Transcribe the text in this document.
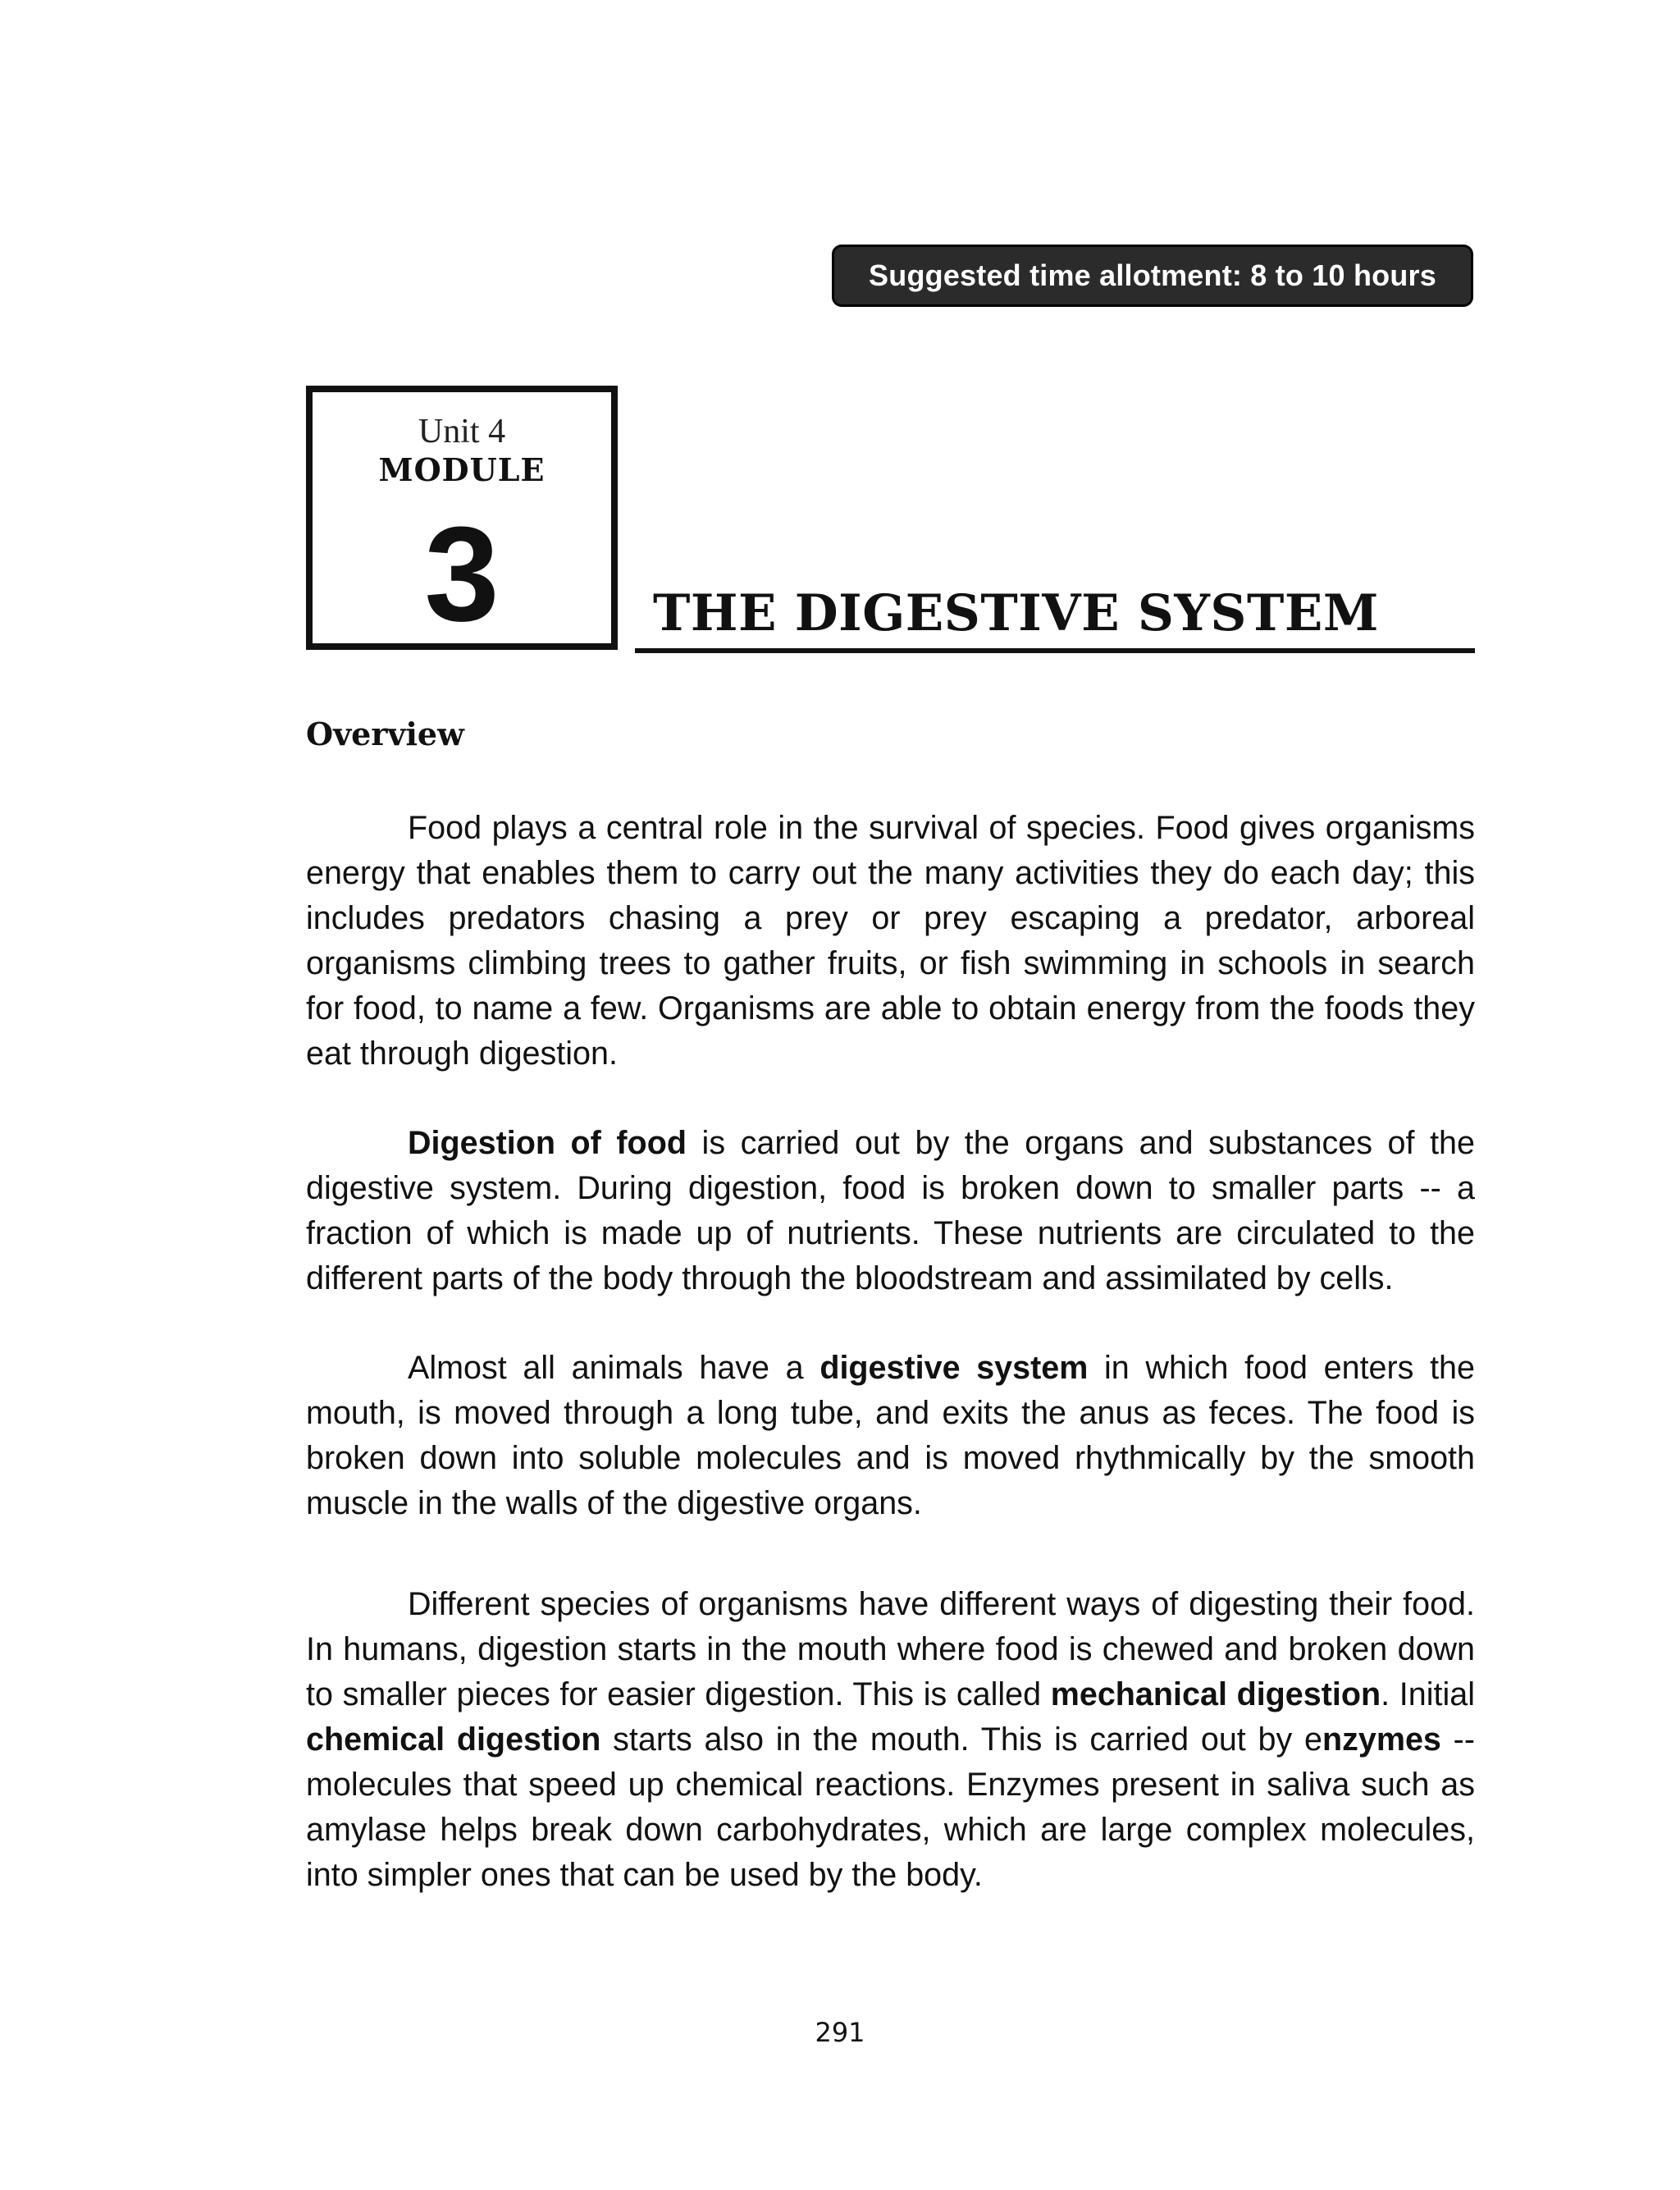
Suggested time allotment: 8 to 10 hours
Unit 4
MODULE
3	THE DIGESTIVE SYSTEM
Overview

Food plays a central role in the survival of species. Food gives organisms energy that enables them to carry out the many activities they do each day; this includes predators chasing a prey or prey escaping a predator, arboreal organisms climbing trees to gather fruits, or fish swimming in schools in search for food, to name a few. Organisms are able to obtain energy from the foods they eat through digestion.

Digestion of food is carried out by the organs and substances of the digestive system. During digestion, food is broken down to smaller parts -- a fraction of which is made up of nutrients. These nutrients are circulated to the different parts of the body through the bloodstream and assimilated by cells.

Almost all animals have a digestive system in which food enters the mouth, is moved through a long tube, and exits the anus as feces. The food is broken down into soluble molecules and is moved rhythmically by the smooth muscle in the walls of the digestive organs.

Different species of organisms have different ways of digesting their food. In humans, digestion starts in the mouth where food is chewed and broken down to smaller pieces for easier digestion. This is called mechanical digestion. Initial chemical digestion starts also in the mouth. This is carried out by enzymes -- molecules that speed up chemical reactions. Enzymes present in saliva such as amylase helps break down carbohydrates, which are large complex molecules, into simpler ones that can be used by the body.

291
